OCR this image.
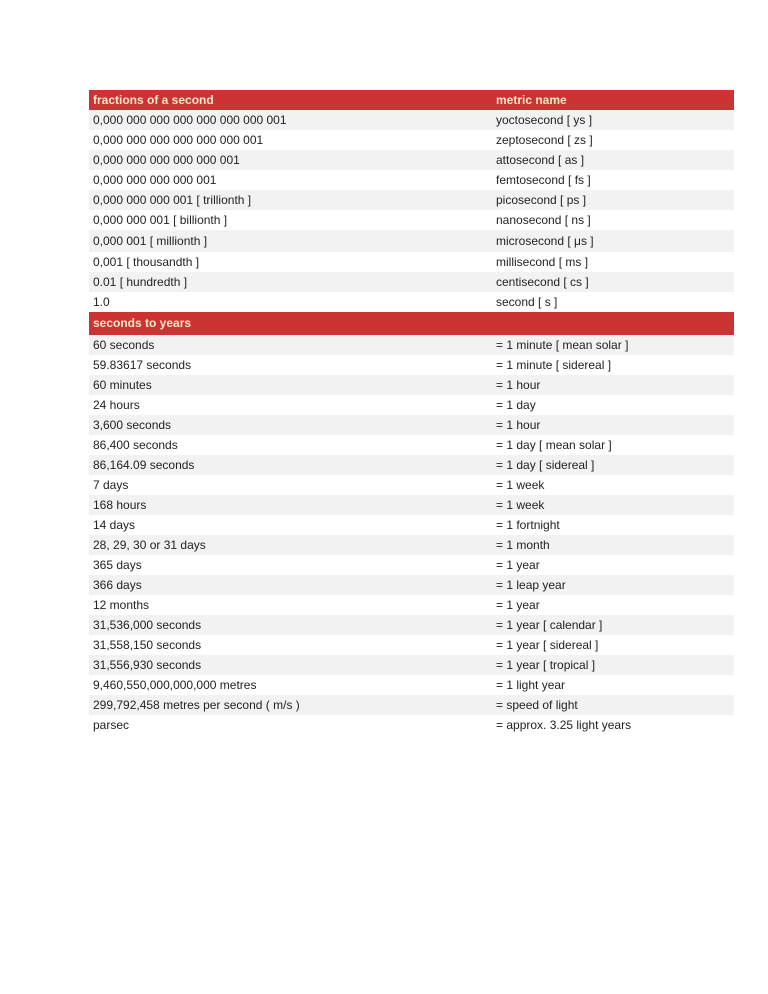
fractions of a second	metric name
0,000 000 000 000 000 000 000 001	yoctosecond [ ys ]
0,000 000 000 000 000 000 001	zeptosecond [ zs ]
0,000 000 000 000 000 001	attosecond [ as ]
0,000 000 000 000 001	femtosecond [ fs ]
0,000 000 000 001 [ trillionth ]	picosecond [ ps ]
0,000 000 001 [ billionth ]	nanosecond [ ns ]
0,000 001 [ millionth ]	microsecond [ μs ]
0,001 [ thousandth ]	millisecond [ ms ]
0.01 [ hundredth ]	centisecond [ cs ]
1.0	second [ s ]
seconds to years
60 seconds	= 1 minute [ mean solar ]
59.83617 seconds	= 1 minute [ sidereal ]
60 minutes	= 1 hour
24 hours	= 1 day
3,600 seconds	= 1 hour
86,400 seconds	= 1 day [ mean solar ]
86,164.09 seconds	= 1 day [ sidereal ]
7 days	= 1 week
168 hours	= 1 week
14 days	= 1 fortnight
28, 29, 30 or 31 days	= 1 month
365 days	= 1 year
366 days	= 1 leap year
12 months	= 1 year
31,536,000 seconds	= 1 year [ calendar ]
31,558,150 seconds	= 1 year [ sidereal ]
31,556,930 seconds	= 1 year [ tropical ]
9,460,550,000,000,000 metres	= 1 light year
299,792,458 metres per second ( m/s )	= speed of light
parsec	= approx. 3.25 light years
